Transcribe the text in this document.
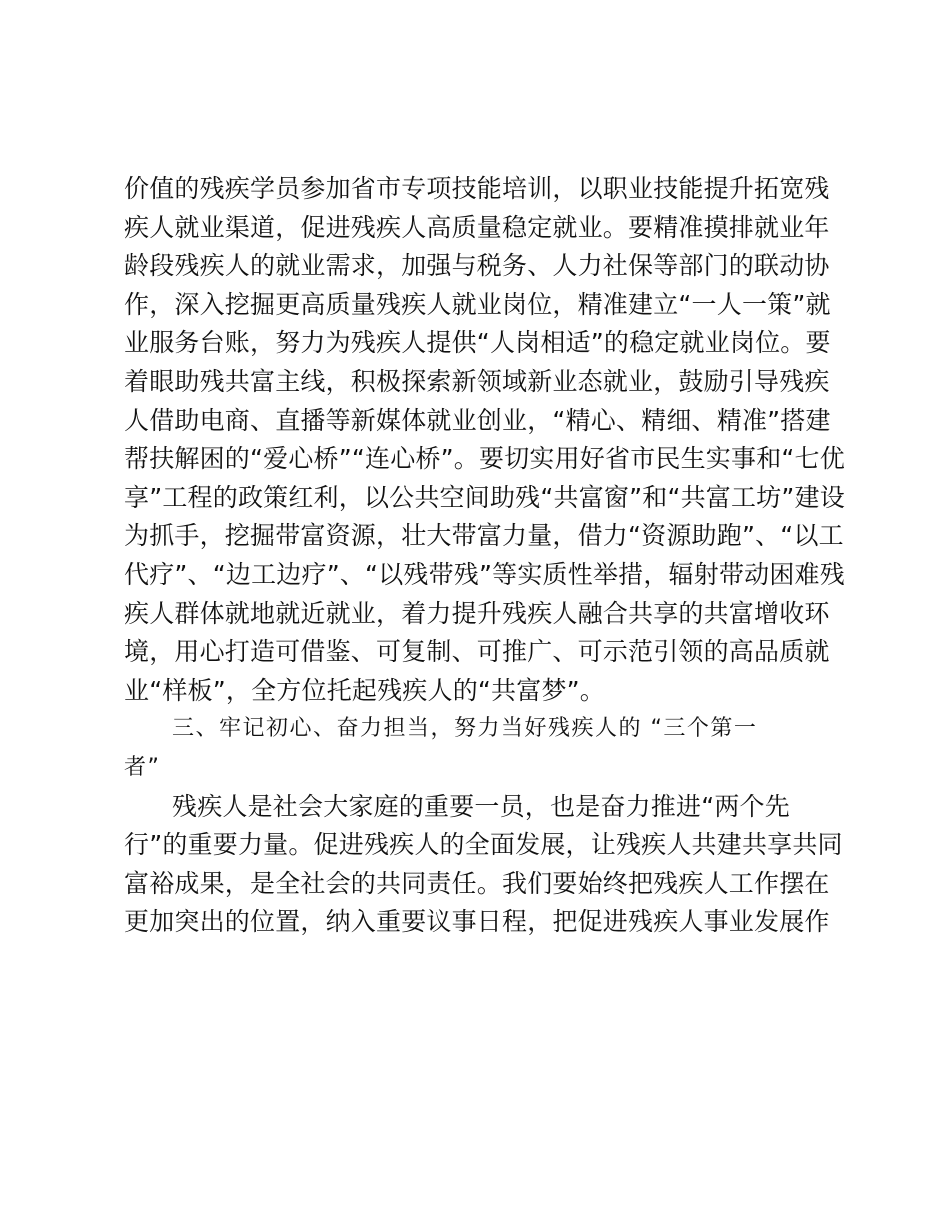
价值的残疾学员参加省市专项技能培训，以职业技能提升拓宽残
疾人就业渠道，促进残疾人高质量稳定就业。要精准摸排就业年
龄段残疾人的就业需求，加强与税务、人力社保等部门的联动协
作，深入挖掘更高质量残疾人就业岗位，精准建立“一人一策”就
业服务台账，努力为残疾人提供“人岗相适”的稳定就业岗位。要
着眼助残共富主线，积极探索新领域新业态就业，鼓励引导残疾
人借助电商、直播等新媒体就业创业，“精心、精细、精准”搭建
帮扶解困的“爱心桥”“连心桥”。要切实用好省市民生实事和“七优
享”工程的政策红利，以公共空间助残“共富窗”和“共富工坊”建设
为抓手，挖掘带富资源，壮大带富力量，借力“资源助跑”、“以工
代疗”、“边工边疗”、“以残带残”等实质性举措，辐射带动困难残
疾人群体就地就近就业，着力提升残疾人融合共享的共富增收环
境，用心打造可借鉴、可复制、可推广、可示范引领的高品质就
业“样板”，全方位托起残疾人的“共富梦”。
三、牢记初心、奋力担当，努力当好残疾人的 “三个第一
者”
残疾人是社会大家庭的重要一员，也是奋力推进“两个先
行”的重要力量。促进残疾人的全面发展，让残疾人共建共享共同
富裕成果，是全社会的共同责任。我们要始终把残疾人工作摆在
更加突出的位置，纳入重要议事日程，把促进残疾人事业发展作
